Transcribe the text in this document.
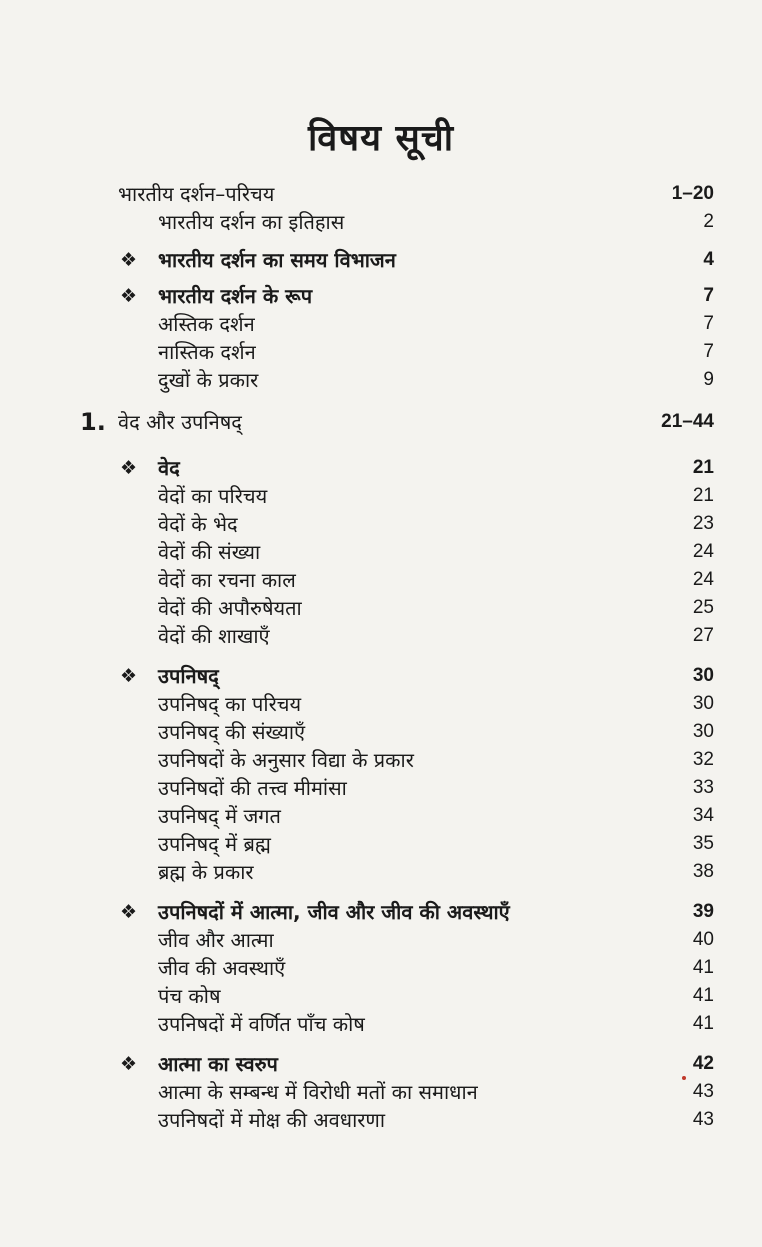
विषय सूची
भारतीय दर्शन–परिचय	1–20
भारतीय दर्शन का इतिहास	2
❖ भारतीय दर्शन का समय विभाजन	4
❖ भारतीय दर्शन के रूप	7
अस्तिक दर्शन	7
नास्तिक दर्शन	7
दुखों के प्रकार	9
1. वेद और उपनिषद्	21–44
❖ वेद	21
वेदों का परिचय	21
वेदों के भेद	23
वेदों की संख्या	24
वेदों का रचना काल	24
वेदों की अपौरुषेयता	25
वेदों की शाखाएँ	27
❖ उपनिषद्	30
उपनिषद् का परिचय	30
उपनिषद् की संख्याएँ	30
उपनिषदों के अनुसार विद्या के प्रकार	32
उपनिषदों की तत्त्व मीमांसा	33
उपनिषद् में जगत	34
उपनिषद् में ब्रह्म	35
ब्रह्म के प्रकार	38
❖ उपनिषदों में आत्मा, जीव और जीव की अवस्थाएँ	39
जीव और आत्मा	40
जीव की अवस्थाएँ	41
पंच कोष	41
उपनिषदों में वर्णित पाँच कोष	41
❖ आत्मा का स्वरुप	42
आत्मा के सम्बन्ध में विरोधी मतों का समाधान	43
उपनिषदों में मोक्ष की अवधारणा	43
